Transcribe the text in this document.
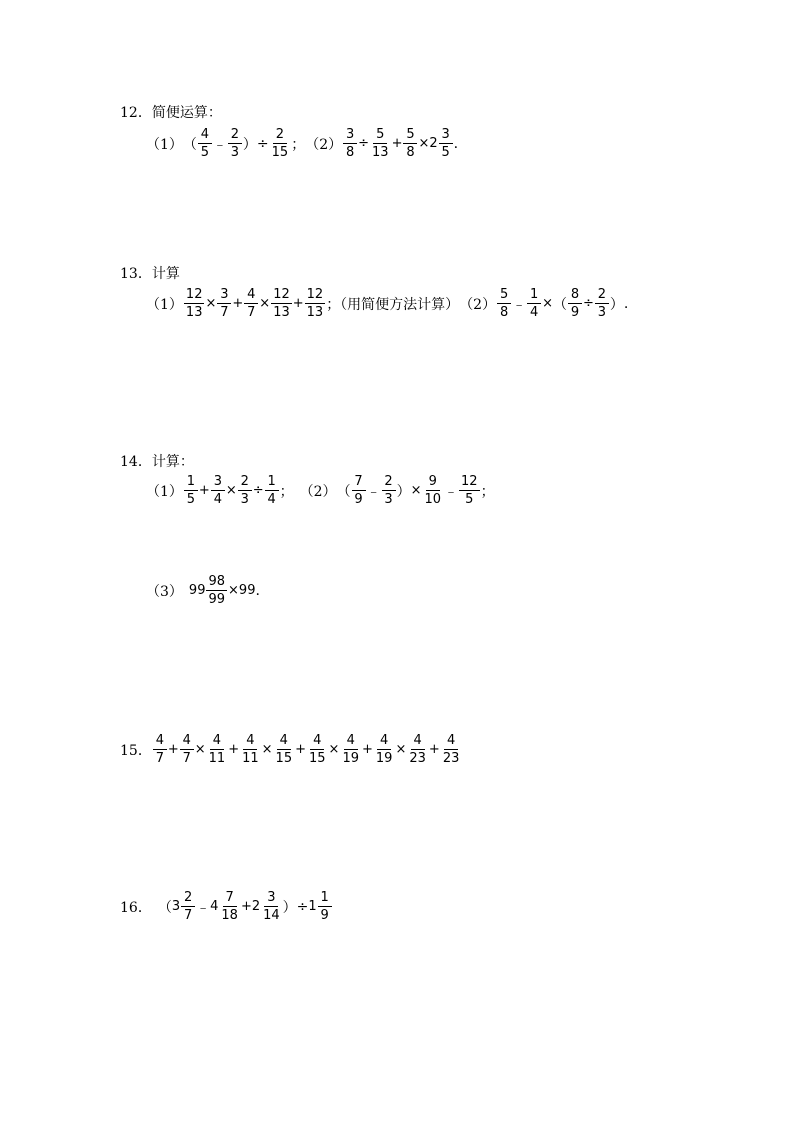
12．简便运算：
（1） （ $\frac{4}{5}$ ﹣ $\frac{2}{3}$ ） ÷ $\frac{2}{15}$ ； $(2) \frac{3}{8} \div \frac{5}{13} + \frac{5}{8} \times 2 \frac{3}{5}$ .
13．计算
$(1) \frac{12}{13} \times \frac{3}{7} + \frac{4}{7} \times \frac{12}{13} + \frac{12}{13}$ ；（用简便方法计算） $(2) \frac{5}{8}$ ﹣ $\frac{1}{4}$ × （ $\frac{8}{9} \div \frac{2}{3}$ ） .
14．计算：
$(1) \frac{1}{5} + \frac{3}{4} \times \frac{2}{3} \div \frac{1}{4}$ ； （2） （ $\frac{7}{9}$ ﹣ $\frac{2}{3}$ ） × $\frac{9}{10}$ ﹣ $\frac{12}{5}$ ；
（3） $99 \frac{98}{99} \times 99$ .
15． $\frac{4}{7} + \frac{4}{7} \times \frac{4}{11} + \frac{4}{11} \times \frac{4}{15} + \frac{4}{15} \times \frac{4}{19} + \frac{4}{19} \times \frac{4}{23} + \frac{4}{23}$
16． （ $3 \frac{2}{7}$ ﹣ $4 \frac{7}{18} + 2 \frac{3}{14}$ ） ÷ $1 \frac{1}{9}$
